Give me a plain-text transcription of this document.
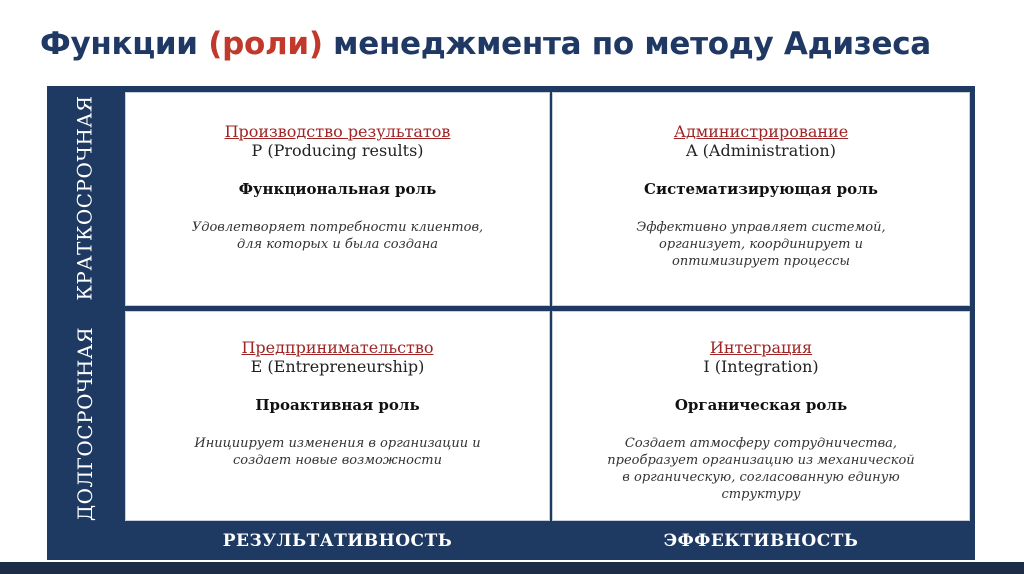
Функции (роли) менеджмента по методу Адизеса
КРАТКОСРОЧНАЯ
ДОЛГОСРОЧНАЯ
Производство результатов
P (Producing results)
Функциональная роль
Удовлетворяет потребности клиентов,
для которых и была создана
Администрирование
A (Administration)
Систематизирующая роль
Эффективно управляет системой,
организует, координирует и
оптимизирует процессы
Предпринимательство
E (Entrepreneurship)
Проактивная роль
Инициирует изменения в организации и
создает новые возможности
Интеграция
I (Integration)
Органическая роль
Создает атмосферу сотрудничества,
преобразует организацию из механической
в органическую, согласованную единую
структуру
РЕЗУЛЬТАТИВНОСТЬ	ЭФФЕКТИВНОСТЬ
